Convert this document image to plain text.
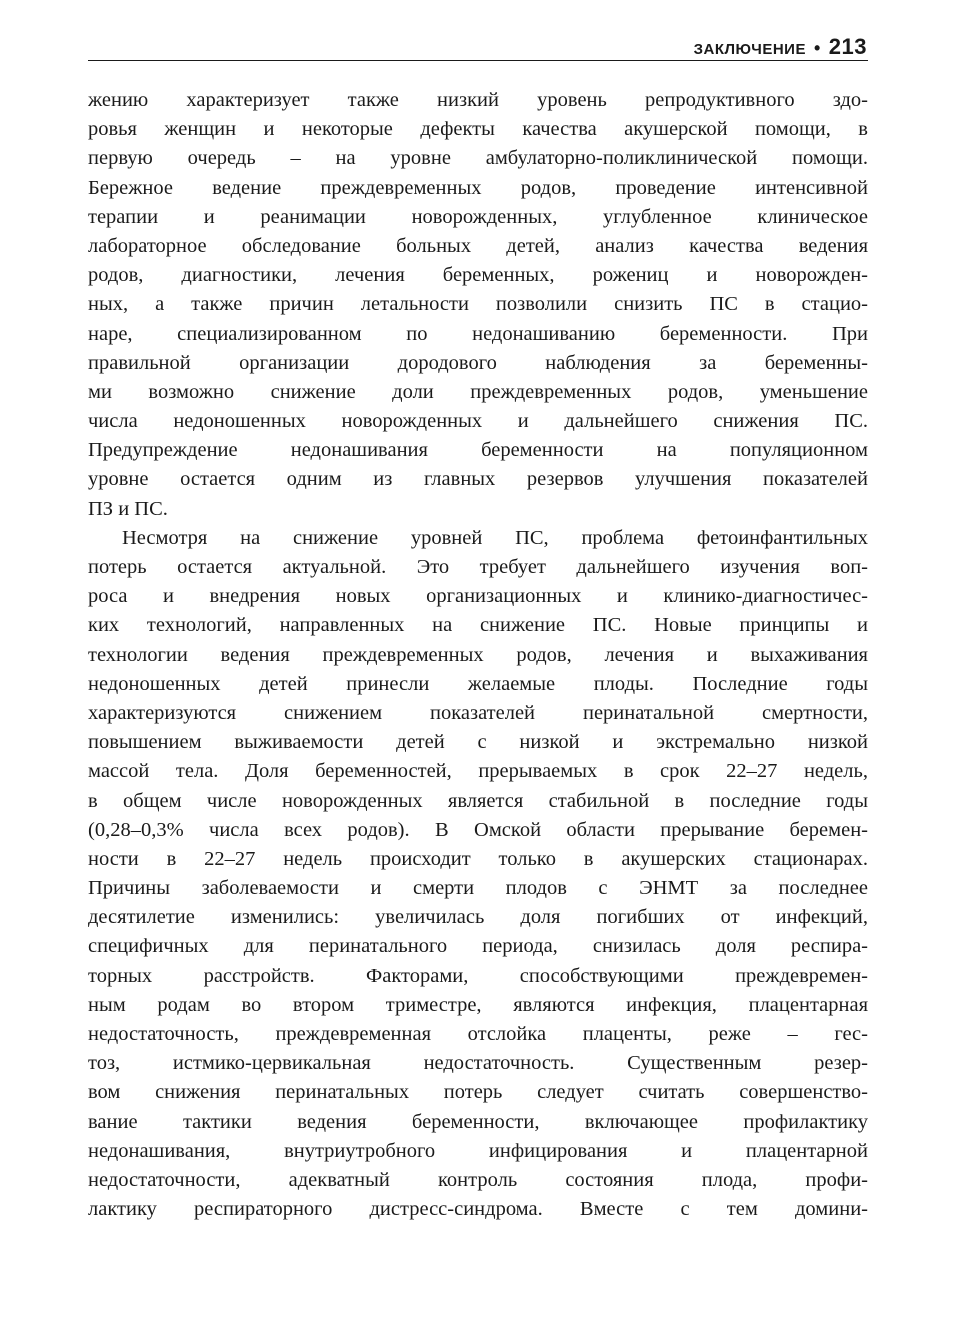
ЗАКЛЮЧЕНИЕ • 213
жению характеризует также низкий уровень репродуктивного здо-
ровья женщин и некоторые дефекты качества акушерской помощи, в
первую очередь – на уровне амбулаторно-поликлинической помощи.
Бережное ведение преждевременных родов, проведение интенсивной
терапии и реанимации новорожденных, углубленное клиническое
лабораторное обследование больных детей, анализ качества ведения
родов, диагностики, лечения беременных, рожениц и новорожден-
ных, а также причин летальности позволили снизить ПС в стацио-
наре, специализированном по недонашиванию беременности. При
правильной организации дородового наблюдения за беременны-
ми возможно снижение доли преждевременных родов, уменьшение
числа недоношенных новорожденных и дальнейшего снижения ПС.
Предупреждение недонашивания беременности на популяционном
уровне остается одним из главных резервов улучшения показателей
ПЗ и ПС.
Несмотря на снижение уровней ПС, проблема фетоинфантильных
потерь остается актуальной. Это требует дальнейшего изучения воп-
роса и внедрения новых организационных и клинико-диагностичес-
ких технологий, направленных на снижение ПС. Новые принципы и
технологии ведения преждевременных родов, лечения и выхаживания
недоношенных детей принесли желаемые плоды. Последние годы
характеризуются снижением показателей перинатальной смертности,
повышением выживаемости детей с низкой и экстремально низкой
массой тела. Доля беременностей, прерываемых в срок 22–27 недель,
в общем числе новорожденных является стабильной в последние годы
(0,28–0,3% числа всех родов). В Омской области прерывание беремен-
ности в 22–27 недель происходит только в акушерских стационарах.
Причины заболеваемости и смерти плодов с ЭНМТ за последнее
десятилетие изменились: увеличилась доля погибших от инфекций,
специфичных для перинатального периода, снизилась доля респира-
торных расстройств. Факторами, способствующими преждевремен-
ным родам во втором триместре, являются инфекция, плацентарная
недостаточность, преждевременная отслойка плаценты, реже – гес-
тоз, истмико-цервикальная недостаточность. Существенным резер-
вом снижения перинатальных потерь следует считать совершенство-
вание тактики ведения беременности, включающее профилактику
недонашивания, внутриутробного инфицирования и плацентарной
недостаточности, адекватный контроль состояния плода, профи-
лактику респираторного дистресс-синдрома. Вместе с тем домини-
